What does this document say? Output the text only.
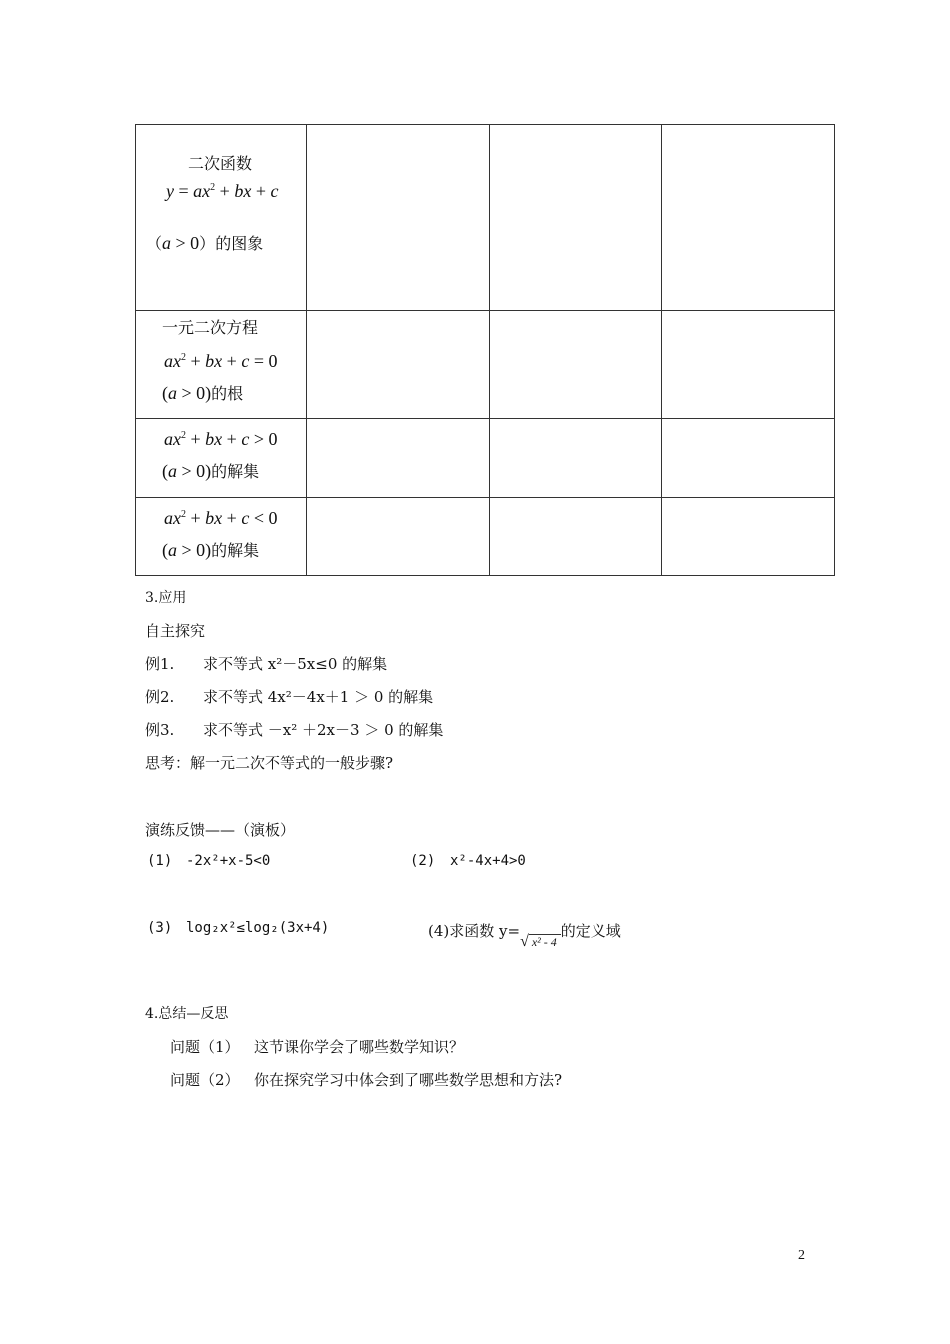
二次函数
$y = ax^2$ + bx + c
（a > 0）的图象			

一元二次方程
$ax^2$ + bx + c = 0
(a > 0)的根			

$ax^2$ + bx + c > 0
(a > 0)的解集			

$ax^2$ + bx + c < 0
(a > 0)的解集			

3.应用
自主探究
例1. 求不等式 x²－5x≤0 的解集
例2. 求不等式 4x²－4x＋1 ＞ 0 的解集
例3. 求不等式 －x² ＋2x－3 ＞ 0 的解集
思考：解一元二次不等式的一般步骤?
演练反馈——（演板）
(1) -2x²+x-5<0	(2) x²-4x+4>0
(3) log₂x²≤log₂(3x+4)	(4)求函数 y=√ x² - 4的定义域
4.总结—反思
问题（1） 这节课你学会了哪些数学知识？
问题（2） 你在探究学习中体会到了哪些数学思想和方法?
2
